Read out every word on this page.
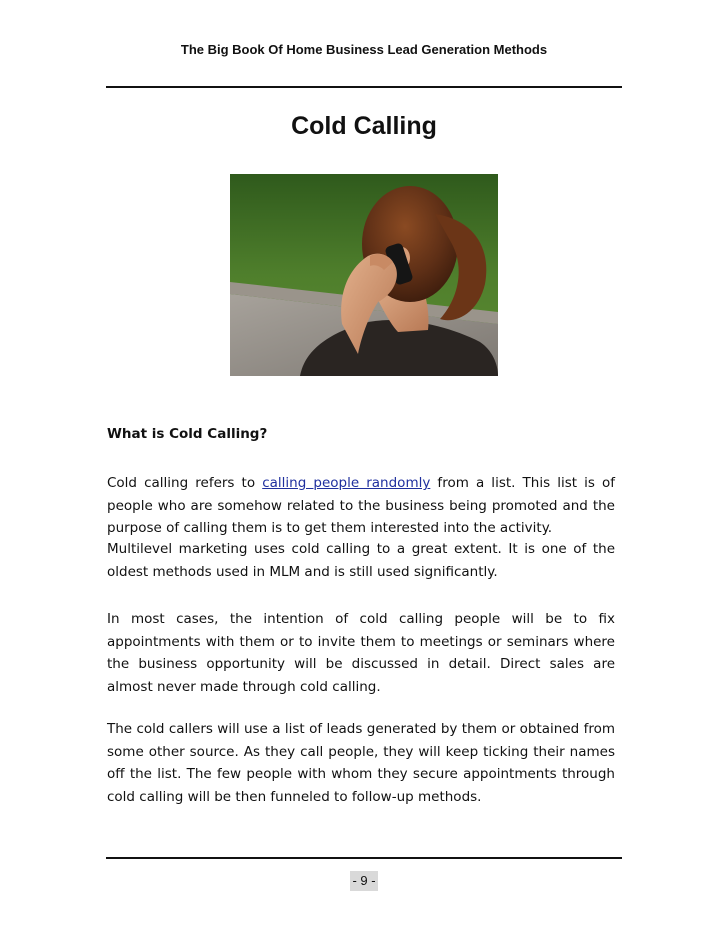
The Big Book Of Home Business Lead Generation Methods
Cold Calling
What is Cold Calling?
Cold calling refers to calling people randomly from a list. This list is of people who are somehow related to the business being promoted and the purpose of calling them is to get them interested into the activity.
Multilevel marketing uses cold calling to a great extent. It is one of the oldest methods used in MLM and is still used significantly.
In most cases, the intention of cold calling people will be to fix appointments with them or to invite them to meetings or seminars where the business opportunity will be discussed in detail. Direct sales are almost never made through cold calling.
The cold callers will use a list of leads generated by them or obtained from some other source. As they call people, they will keep ticking their names off the list. The few people with whom they secure appointments through cold calling will be then funneled to follow-up methods.
- 9 -
